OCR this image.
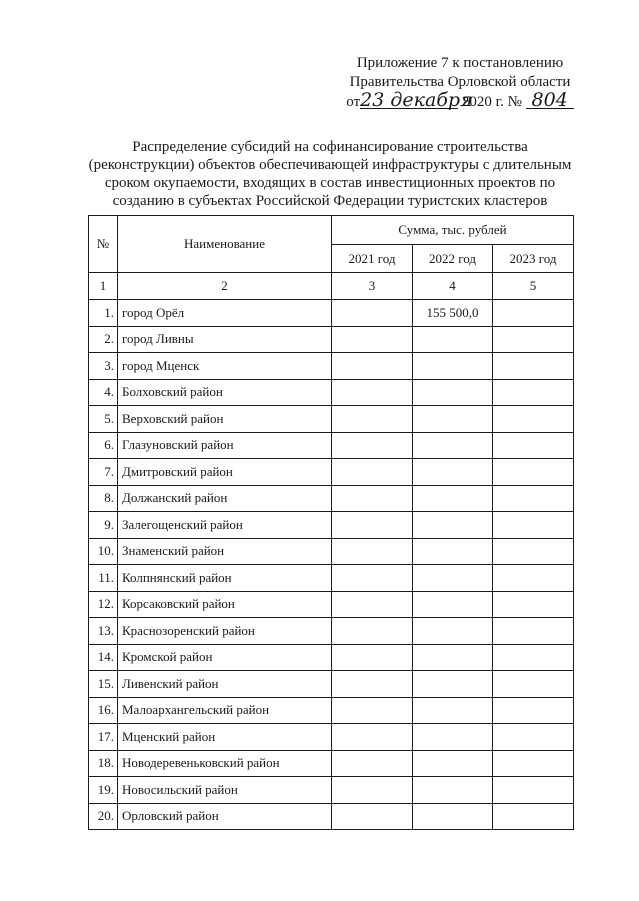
Приложение 7 к постановлению
Правительства Орловской области
от23 декабря 2020 г. № 804
Распределение субсидий на софинансирование строительства
(реконструкции) объектов обеспечивающей инфраструктуры с длительным
сроком окупаемости, входящих в состав инвестиционных проектов по
созданию в субъектах Российской Федерации туристских кластеров
№	Наименование	Сумма, тыс. рублей		
		2021 год	2022 год	2023 год
1	2	3	4	5
1.	город Орёл		155 500,0	
2.	город Ливны			
3.	город Мценск			
4.	Болховский район			
5.	Верховский район			
6.	Глазуновский район			
7.	Дмитровский район			
8.	Должанский район			
9.	Залегощенский район			
10.	Знаменский район			
11.	Колпнянский район			
12.	Корсаковский район			
13.	Краснозоренский район			
14.	Кромской район			
15.	Ливенский район			
16.	Малоархангельский район			
17.	Мценский район			
18.	Новодеревеньковский район			
19.	Новосильский район			
20.	Орловский район			
